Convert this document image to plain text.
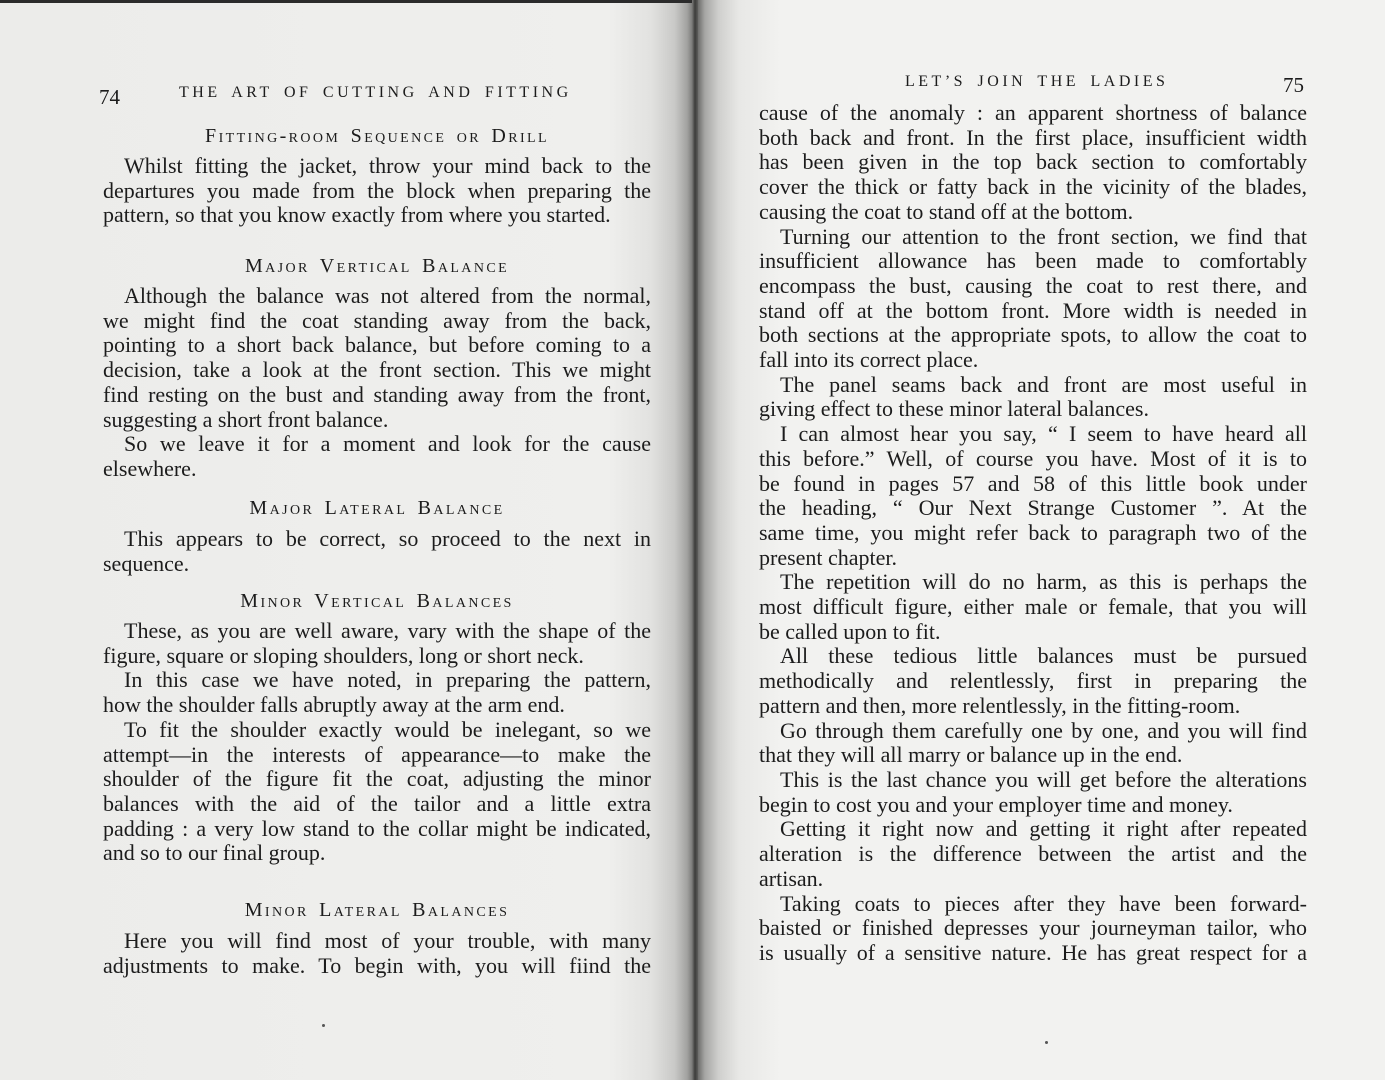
74	THE ART OF CUTTING AND FITTING
Fitting-room Sequence or Drill
Whilst fitting the jacket, throw your mind back to the
departures you made from the block when preparing the
pattern, so that you know exactly from where you started.
Major Vertical Balance
Although the balance was not altered from the normal,
we might find the coat standing away from the back,
pointing to a short back balance, but before coming to a
decision, take a look at the front section. This we might
find resting on the bust and standing away from the front,
suggesting a short front balance.
So we leave it for a moment and look for the cause
elsewhere.
Major Lateral Balance
This appears to be correct, so proceed to the next in
sequence.
Minor Vertical Balances
These, as you are well aware, vary with the shape of the
figure, square or sloping shoulders, long or short neck.
In this case we have noted, in preparing the pattern,
how the shoulder falls abruptly away at the arm end.
To fit the shoulder exactly would be inelegant, so we
attempt—in the interests of appearance—to make the
shoulder of the figure fit the coat, adjusting the minor
balances with the aid of the tailor and a little extra
padding : a very low stand to the collar might be indicated,
and so to our final group.
Minor Lateral Balances
Here you will find most of your trouble, with many
adjustments to make. To begin with, you will fiind the
LET’S JOIN THE LADIES	75
cause of the anomaly : an apparent shortness of balance
both back and front. In the first place, insufficient width
has been given in the top back section to comfortably
cover the thick or fatty back in the vicinity of the blades,
causing the coat to stand off at the bottom.
Turning our attention to the front section, we find that
insufficient allowance has been made to comfortably
encompass the bust, causing the coat to rest there, and
stand off at the bottom front. More width is needed in
both sections at the appropriate spots, to allow the coat to
fall into its correct place.
The panel seams back and front are most useful in
giving effect to these minor lateral balances.
I can almost hear you say, “ I seem to have heard all
this before.” Well, of course you have. Most of it is to
be found in pages 57 and 58 of this little book under
the heading, “ Our Next Strange Customer ”. At the
same time, you might refer back to paragraph two of the
present chapter.
The repetition will do no harm, as this is perhaps the
most difficult figure, either male or female, that you will
be called upon to fit.
All these tedious little balances must be pursued
methodically and relentlessly, first in preparing the
pattern and then, more relentlessly, in the fitting-room.
Go through them carefully one by one, and you will find
that they will all marry or balance up in the end.
This is the last chance you will get before the alterations
begin to cost you and your employer time and money.
Getting it right now and getting it right after repeated
alteration is the difference between the artist and the
artisan.
Taking coats to pieces after they have been forward-
baisted or finished depresses your journeyman tailor, who
is usually of a sensitive nature. He has great respect for a
